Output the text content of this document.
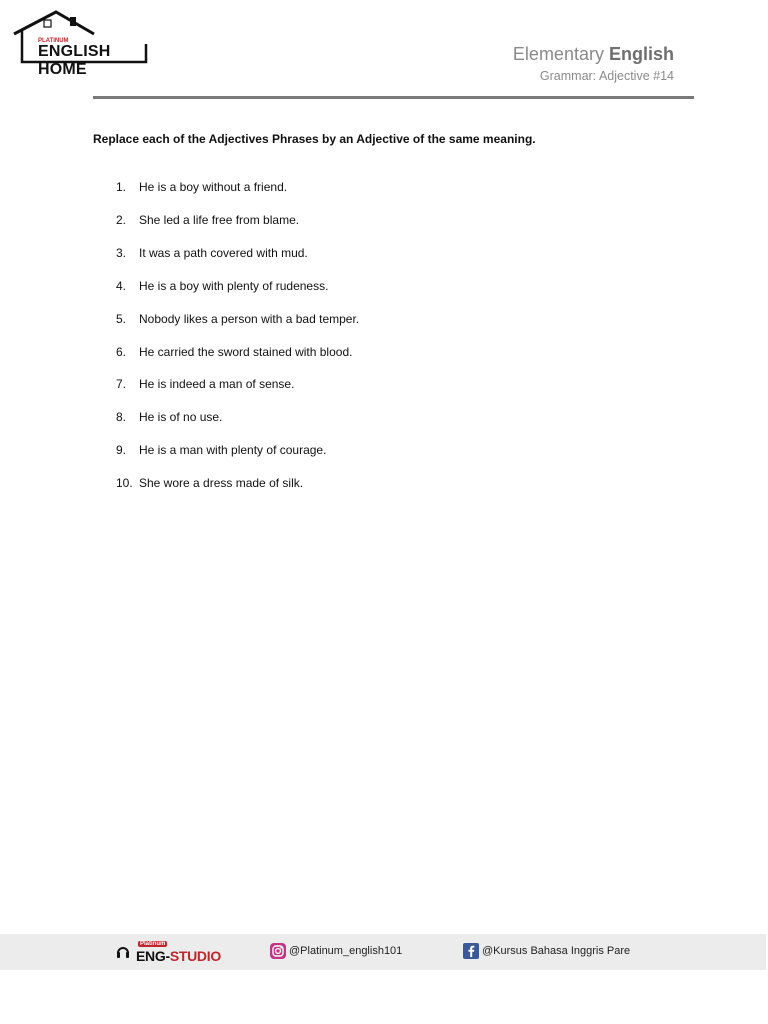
PLATINUM
ENGLISH HOME
Elementary English
Grammar: Adjective #14
Replace each of the Adjectives Phrases by an Adjective of the same meaning.
1.	He is a boy without a friend.
2.	She led a life free from blame.
3.	It was a path covered with mud.
4.	He is a boy with plenty of rudeness.
5.	Nobody likes a person with a bad temper.
6.	He carried the sword stained with blood.
7.	He is indeed a man of sense.
8.	He is of no use.
9.	He is a man with plenty of courage.
10. She wore a dress made of silk.
Platinum
ENG-STUDIO	@Platinum_english101	@Kursus Bahasa Inggris Pare
